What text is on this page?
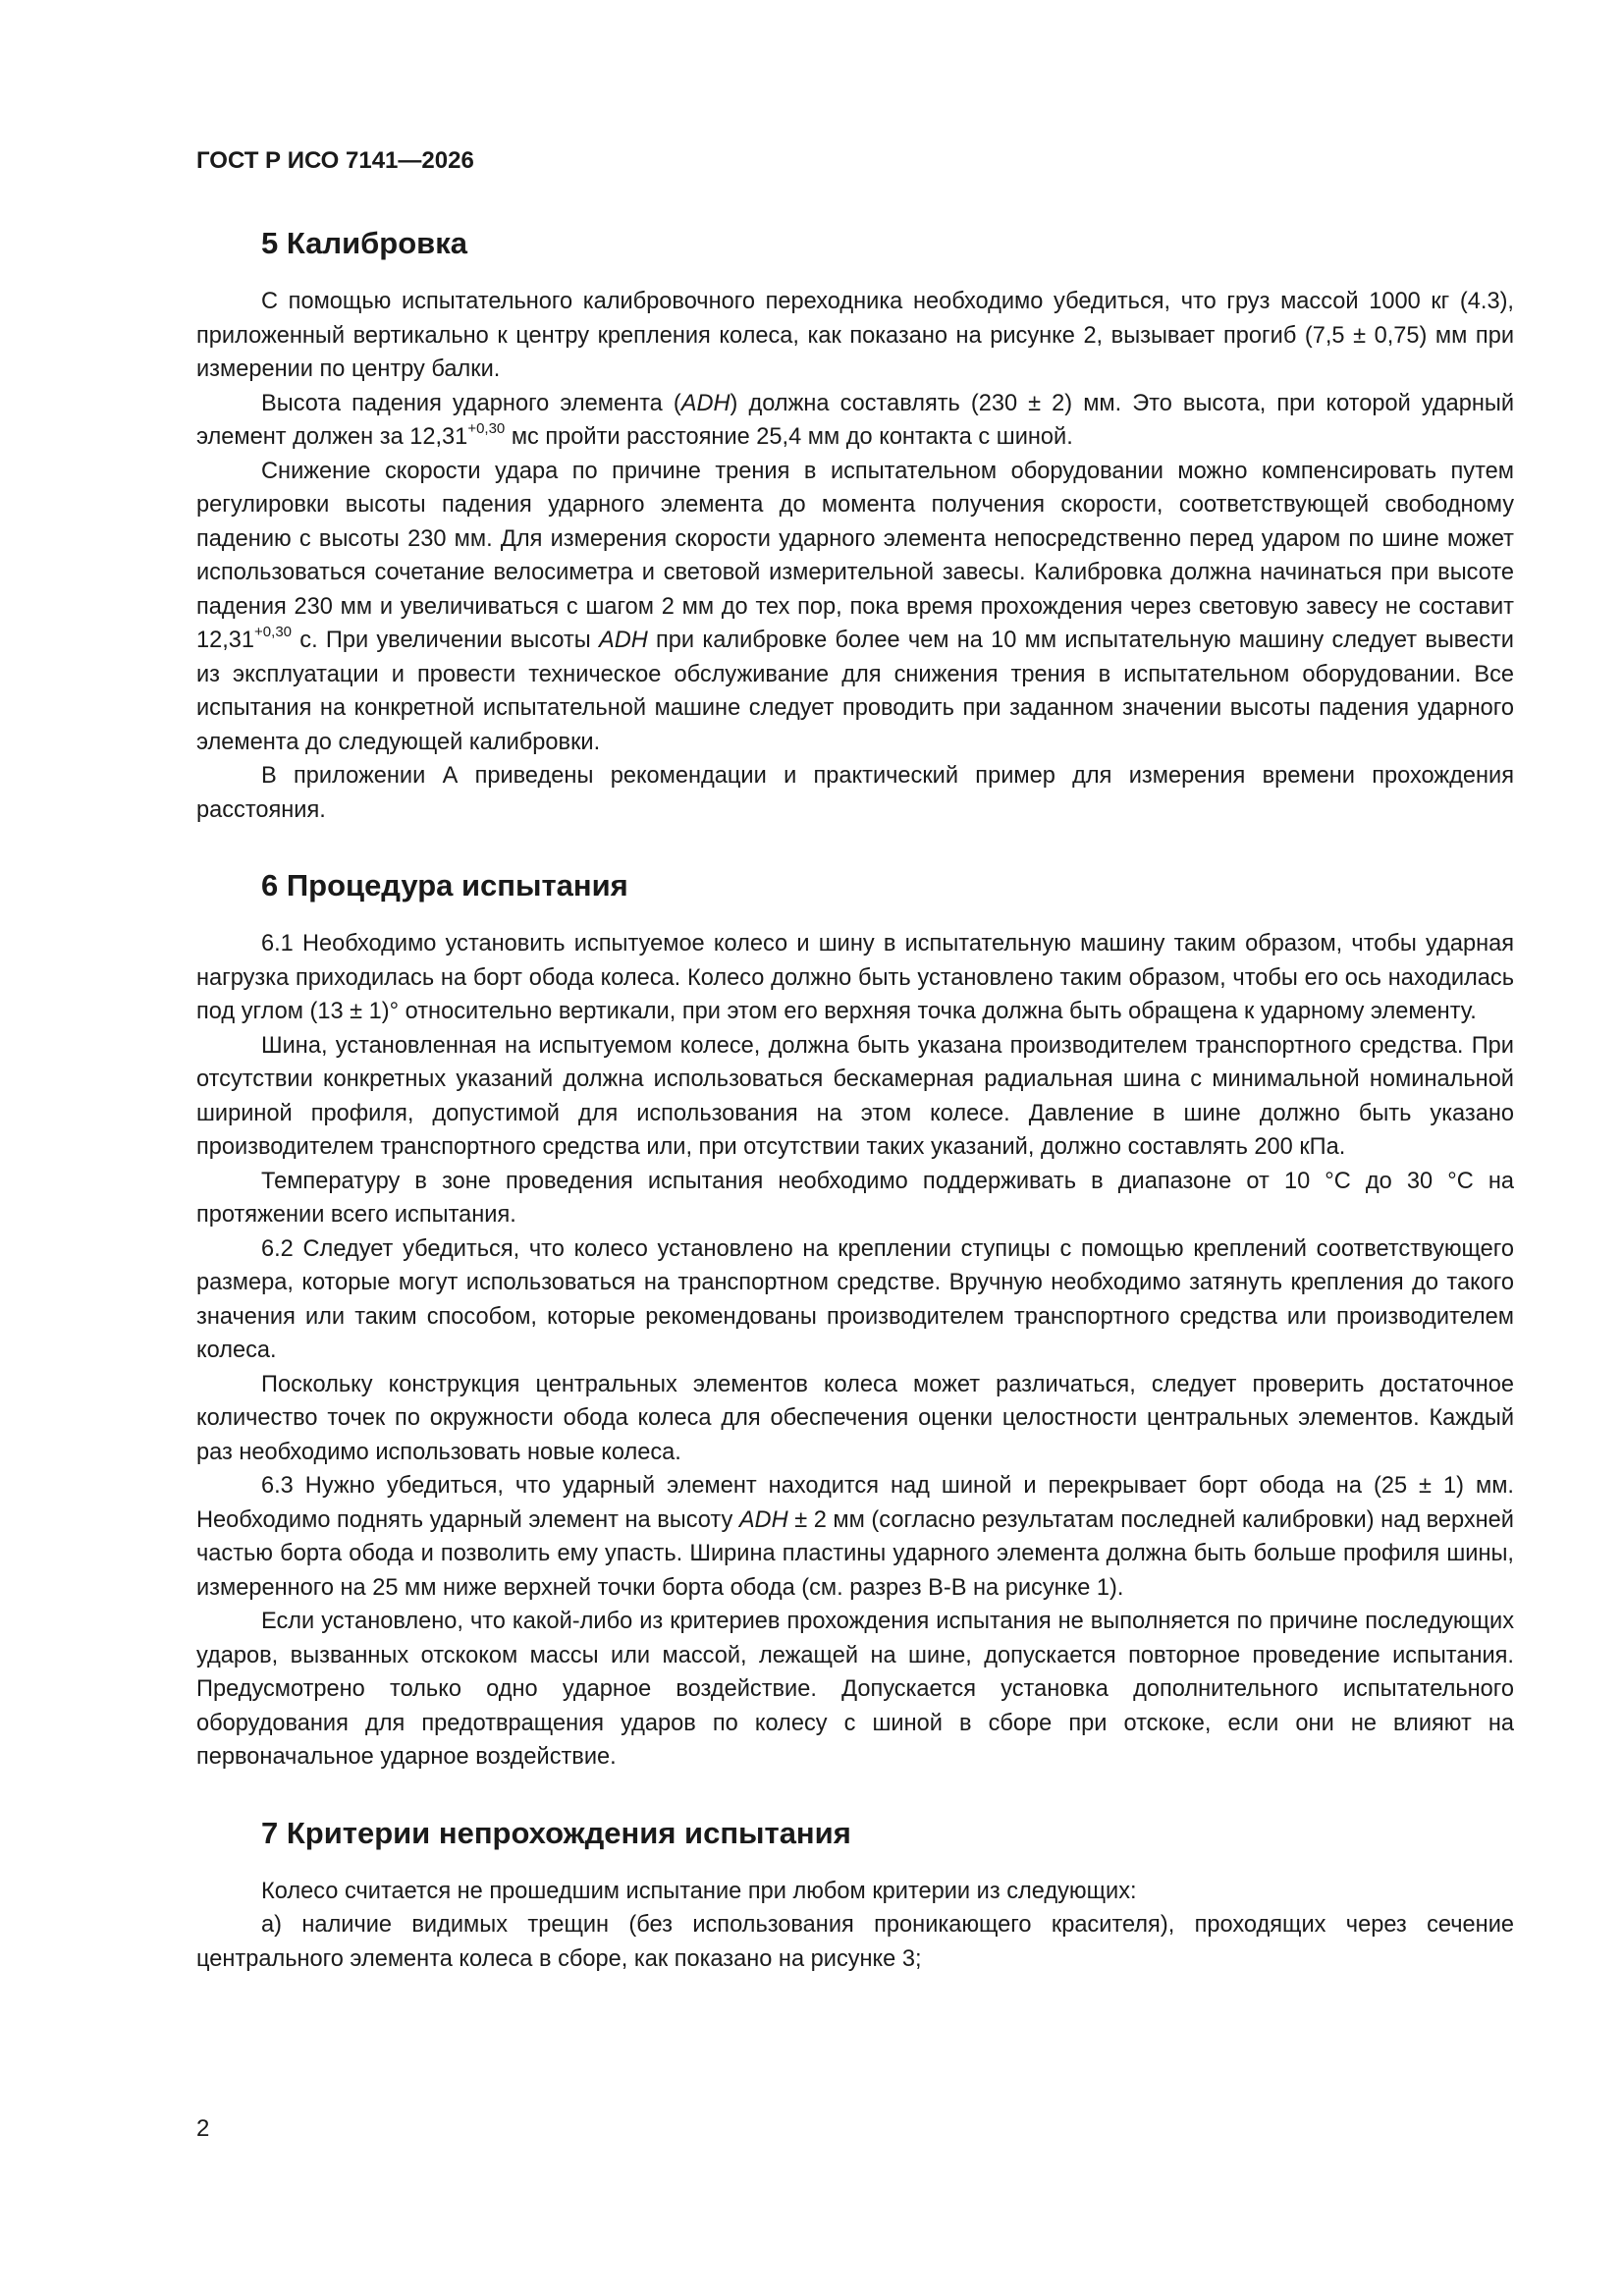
ГОСТ Р ИСО 7141—2026
5 Калибровка

С помощью испытательного калибровочного переходника необходимо убедиться, что груз массой 1000 кг (4.3), приложенный вертикально к центру крепления колеса, как показано на рисунке 2, вызывает прогиб (7,5 ± 0,75) мм при измерении по центру балки.

Высота падения ударного элемента (ADH) должна составлять (230 ± 2) мм. Это высота, при которой ударный элемент должен за $12,31^{+0,30}$ мс пройти расстояние 25,4 мм до контакта с шиной.

Снижение скорости удара по причине трения в испытательном оборудовании можно компенсировать путем регулировки высоты падения ударного элемента до момента получения скорости, соответствующей свободному падению с высоты 230 мм. Для измерения скорости ударного элемента непосредственно перед ударом по шине может использоваться сочетание велосиметра и световой измерительной завесы. Калибровка должна начинаться при высоте падения 230 мм и увеличиваться с шагом 2 мм до тех пор, пока время прохождения через световую завесу не составит $12,31^{+0,30}$ с. При увеличении высоты ADH при калибровке более чем на 10 мм испытательную машину следует вывести из эксплуатации и провести техническое обслуживание для снижения трения в испытательном оборудовании. Все испытания на конкретной испытательной машине следует проводить при заданном значении высоты падения ударного элемента до следующей калибровки.

В приложении А приведены рекомендации и практический пример для измерения времени прохождения расстояния.

6 Процедура испытания

6.1 Необходимо установить испытуемое колесо и шину в испытательную машину таким образом, чтобы ударная нагрузка приходилась на борт обода колеса. Колесо должно быть установлено таким образом, чтобы его ось находилась под углом (13 ± 1)° относительно вертикали, при этом его верхняя точка должна быть обращена к ударному элементу.

Шина, установленная на испытуемом колесе, должна быть указана производителем транспортного средства. При отсутствии конкретных указаний должна использоваться бескамерная радиальная шина с минимальной номинальной шириной профиля, допустимой для использования на этом колесе. Давление в шине должно быть указано производителем транспортного средства или, при отсутствии таких указаний, должно составлять 200 кПа.

Температуру в зоне проведения испытания необходимо поддерживать в диапазоне от 10 °С до 30 °С на протяжении всего испытания.

6.2 Следует убедиться, что колесо установлено на креплении ступицы с помощью креплений соответствующего размера, которые могут использоваться на транспортном средстве. Вручную необходимо затянуть крепления до такого значения или таким способом, которые рекомендованы производителем транспортного средства или производителем колеса.

Поскольку конструкция центральных элементов колеса может различаться, следует проверить достаточное количество точек по окружности обода колеса для обеспечения оценки целостности центральных элементов. Каждый раз необходимо использовать новые колеса.

6.3 Нужно убедиться, что ударный элемент находится над шиной и перекрывает борт обода на (25 ± 1) мм. Необходимо поднять ударный элемент на высоту ADH ± 2 мм (согласно результатам последней калибровки) над верхней частью борта обода и позволить ему упасть. Ширина пластины ударного элемента должна быть больше профиля шины, измеренного на 25 мм ниже верхней точки борта обода (см. разрез В-В на рисунке 1).

Если установлено, что какой-либо из критериев прохождения испытания не выполняется по причине последующих ударов, вызванных отскоком массы или массой, лежащей на шине, допускается повторное проведение испытания. Предусмотрено только одно ударное воздействие. Допускается установка дополнительного испытательного оборудования для предотвращения ударов по колесу с шиной в сборе при отскоке, если они не влияют на первоначальное ударное воздействие.

7 Критерии непрохождения испытания

Колесо считается не прошедшим испытание при любом критерии из следующих:

а) наличие видимых трещин (без использования проникающего красителя), проходящих через сечение центрального элемента колеса в сборе, как показано на рисунке 3;

2
